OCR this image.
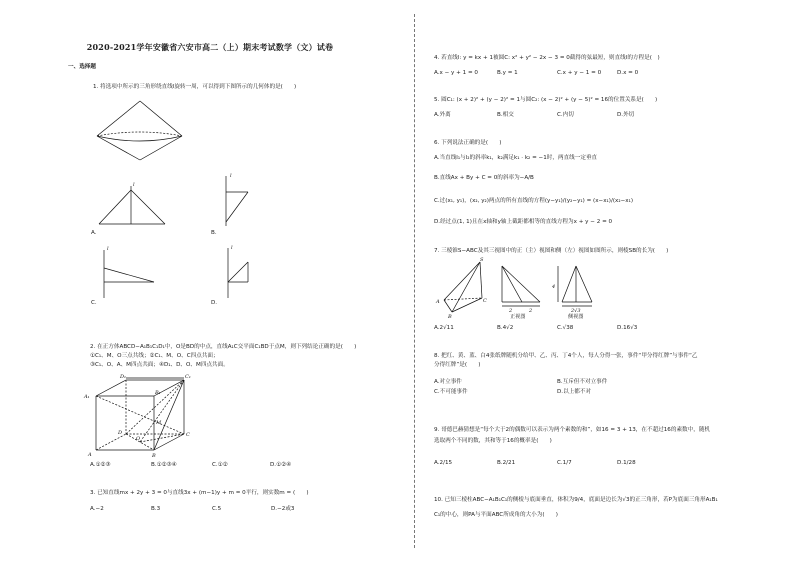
2020-2021学年安徽省六安市高二（上）期末考试数学（文）试卷
一、选择题
1. 将选项中所示的三角形绕直线l旋转一周，可以得到下图所示的几何体的是(　　)
l
l
A.	B.
l	l
C.	D.
2. 在正方体ABCD−A₁B₁C₁D₁中，O是BD的中点，直线A₁C交平面C₁BD于点M，则下列结论正确的是(　　)
①C₁、M、O三点共线；②C₁、M、O、C四点共面；
③C₁、O、A、M四点共面；④D₁、D、O、M四点共面。
D₁	C₁
A₁
B₁
M
D
O
C
A	B
A.①②③	B.①②③④	C.①②	D.①②④
3. 已知直线mx + 2y + 3 = 0与直线3x + (m−1)y + m = 0平行，则实数m = (　　)
A.−2	B.3	C.5	D.−2或3
4. 若直线l: y = kx + 1被圆C: x² + y² − 2x − 3 = 0截得的弦最短，则直线l的方程是(　)
A.x − y + 1 = 0	B.y = 1	C.x + y − 1 = 0	D.x = 0
5. 圆C₁: (x + 2)² + (y − 2)² = 1与圆C₂: (x − 2)² + (y − 5)² = 16的位置关系是(　　)
A.外离	B.相交	C.内切	D.外切
6. 下列说法正确的是(　　)
A.当直线l₁与l₂的斜率k₁，k₂满足k₁ · k₂ = −1时，两直线一定垂直
B.直线Ax + By + C = 0的斜率为−A/B
C.过(x₁, y₁)，(x₂, y₂)两点的所有直线的方程(y−y₁)/(y₂−y₁) = (x−x₁)/(x₂−x₁)
D.经过点(1, 1)且在x轴和y轴上截距都相等的直线方程为x + y − 2 = 0
7. 三棱锥S−ABC及其三视图中的正（主）视图和侧（左）视图如图所示，则棱SB的长为(　　)
S
A
B
C
2	2
正视图
4
2√3
侧视图
A.2√11	B.4√2	C.√38	D.16√3
8. 把红、黄、蓝、白4张纸牌随机分给甲、乙、丙、丁4个人，每人分得一张，事件“甲分得红牌”与事件“乙
分得红牌”是(　　)
A.对立事件	B.互斥但不对立事件
C.不可能事件	D.以上都不对
9. 哥德巴赫猜想是“每个大于2的偶数可以表示为两个素数的和”，如16 = 3 + 13，在不超过16的素数中，随机
选取两个不同的数，其和等于16的概率是(　　)
A.2/15	B.2/21	C.1/7	D.1/28
10. 已知三棱柱ABC−A₁B₁C₁的侧棱与底面垂直，体积为9/4，底面是边长为√3的正三角形，若P为底面三角形A₁B₁
C₁的中心，则PA与平面ABC所成角的大小为(　　)
